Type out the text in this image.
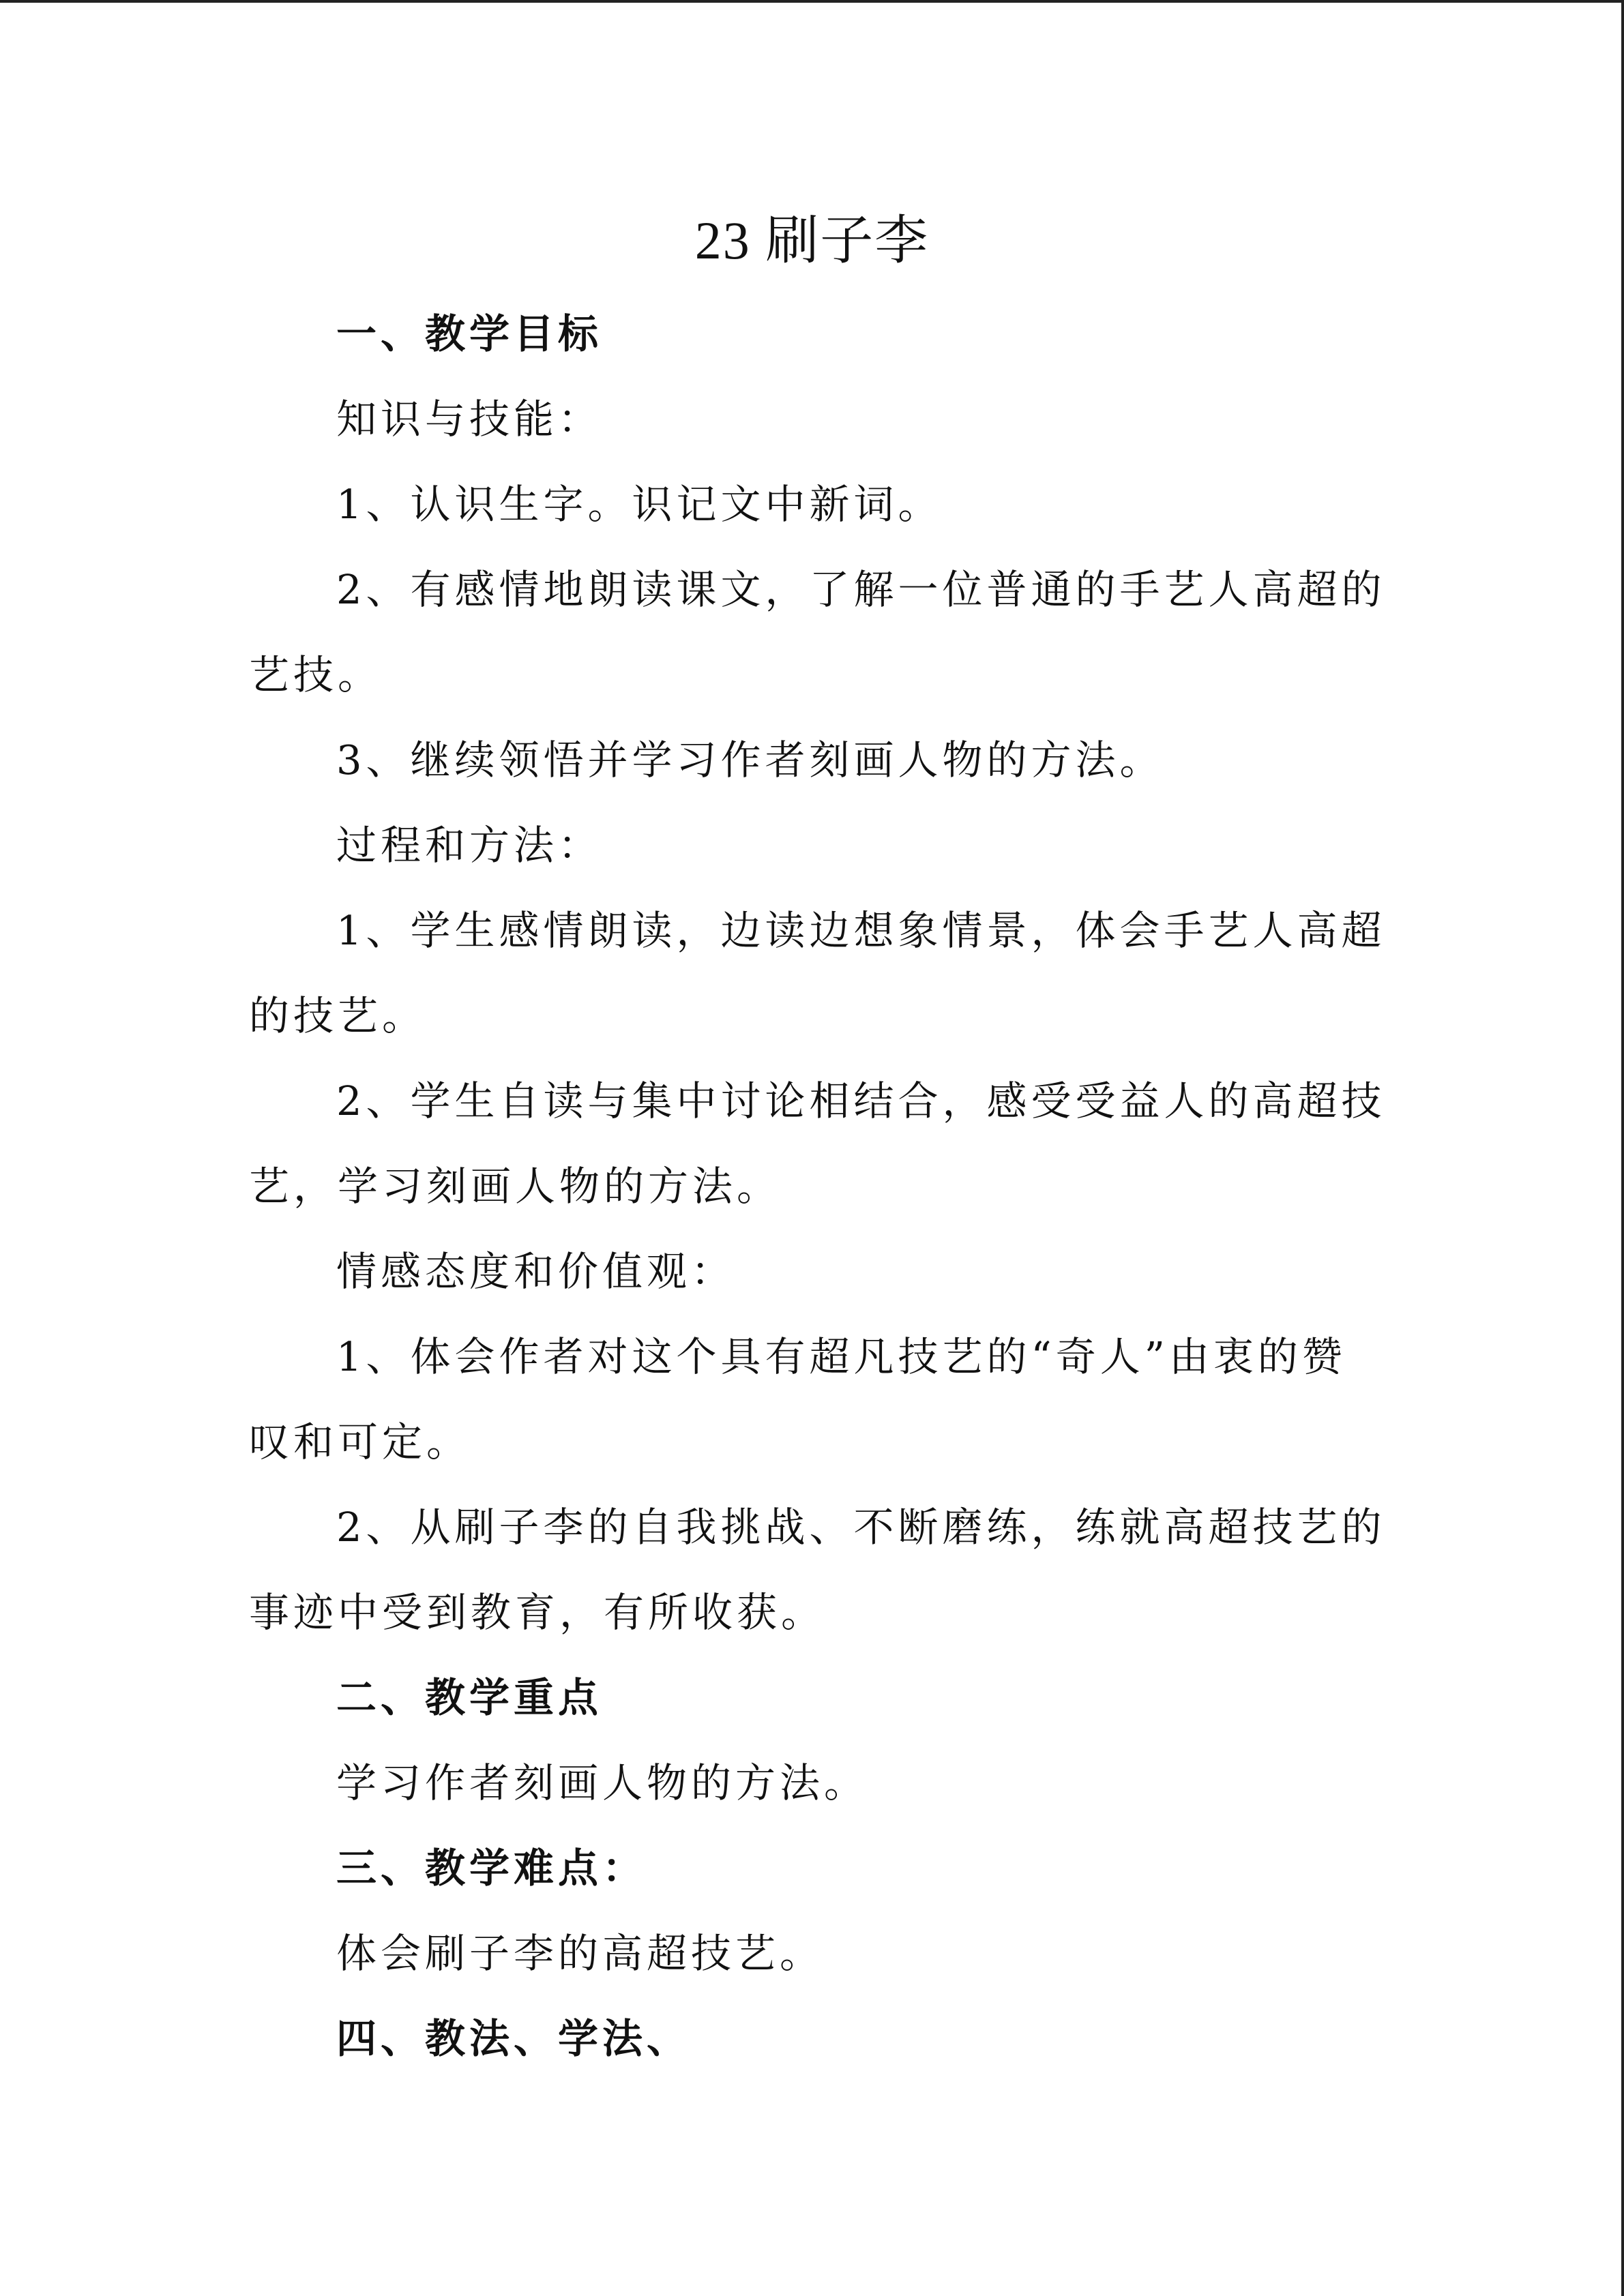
23 刷子李

一、教学目标

知识与技能：

1、认识生字。识记文中新词。

2、有感情地朗读课文，了解一位普通的手艺人高超的

艺技。

3、继续领悟并学习作者刻画人物的方法。

过程和方法：

1、学生感情朗读，边读边想象情景，体会手艺人高超

的技艺。

2、学生自读与集中讨论相结合，感受受益人的高超技

艺，学习刻画人物的方法。

情感态度和价值观：

1、体会作者对这个具有超凡技艺的“奇人”由衷的赞

叹和可定。

2、从刷子李的自我挑战、不断磨练，练就高超技艺的

事迹中受到教育，有所收获。

二、教学重点

学习作者刻画人物的方法。

三、教学难点：

体会刷子李的高超技艺。

四、教法、学法、
